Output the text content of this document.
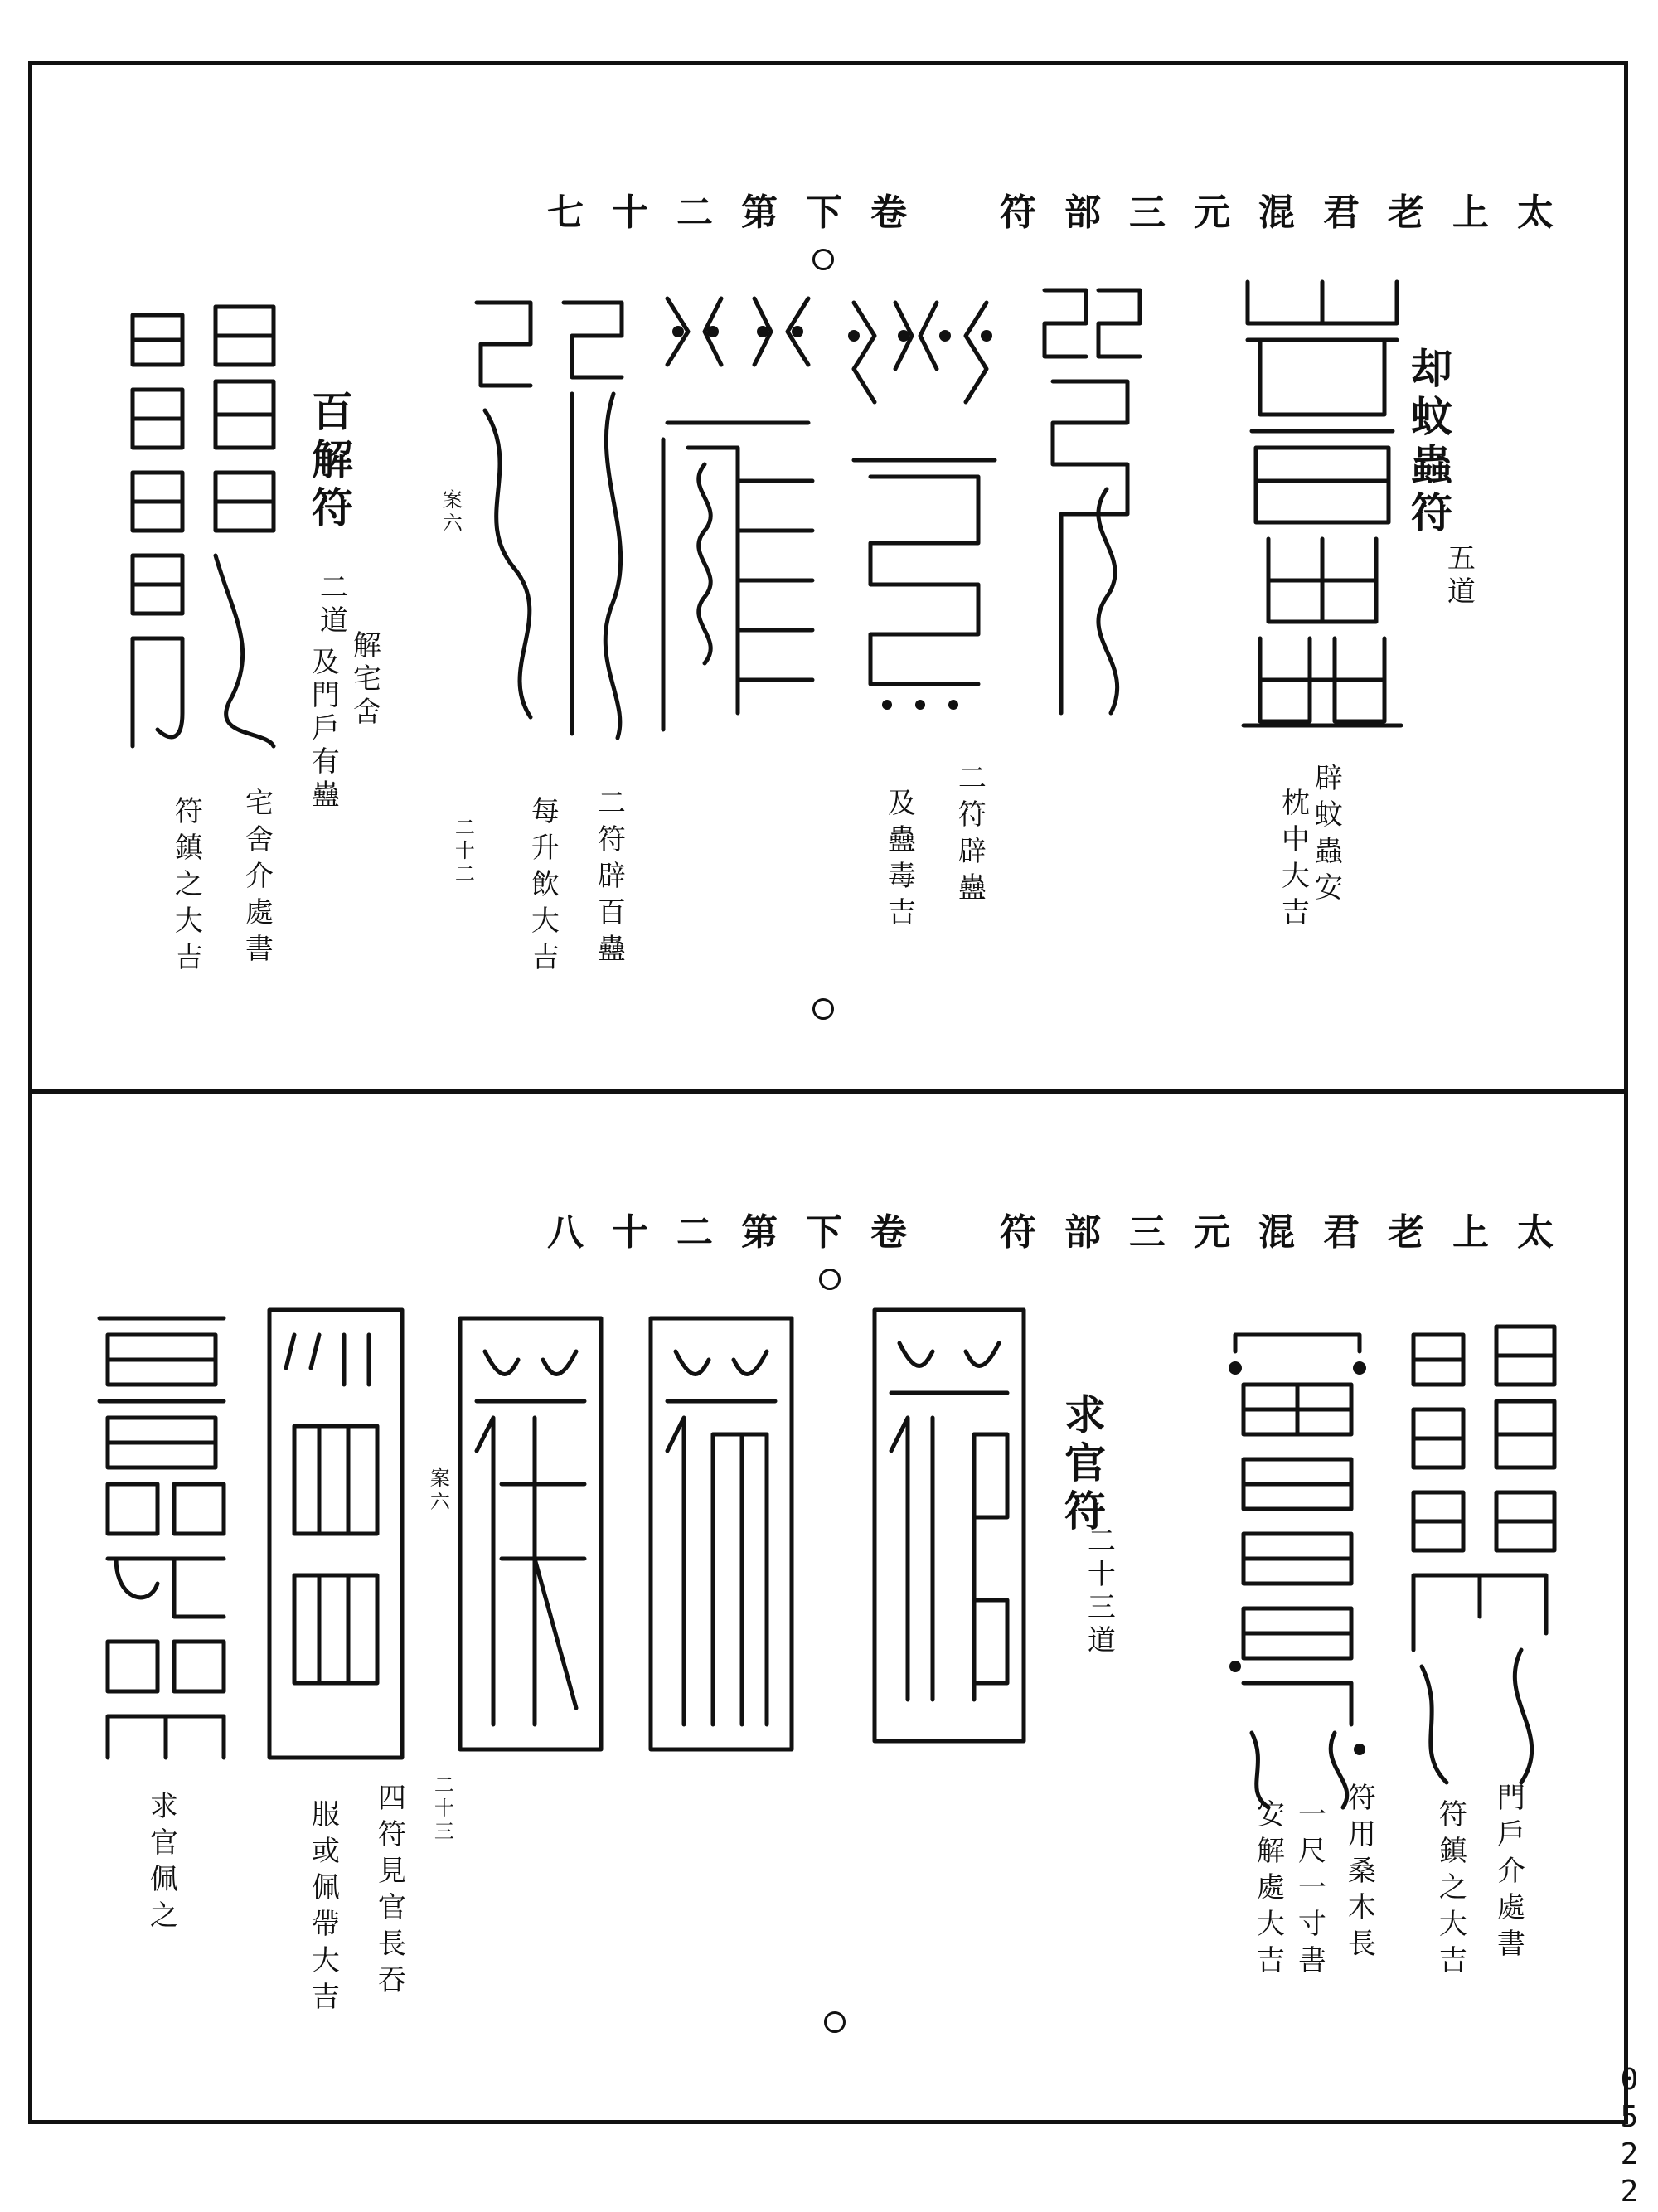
太上老君混元三部符　卷下第二十七
却蚊蟲符
五道
百解符
二道
解宅舍
及門戶有蠱
辟蚊蟲安
枕中大吉
二符辟蠱
及蠱毒吉
二符辟百蠱
每升飲大吉
二十二
宅舍介處書
符鎮之大吉
案六
太上老君混元三部符　卷下第二十八
求官符
二十三道
門戶介處書
符鎮之大吉
符用桑木長
一尺一寸書
安解處大吉
四符見官長吞
服或佩帶大吉	二十三
求官佩之
案六
0522
